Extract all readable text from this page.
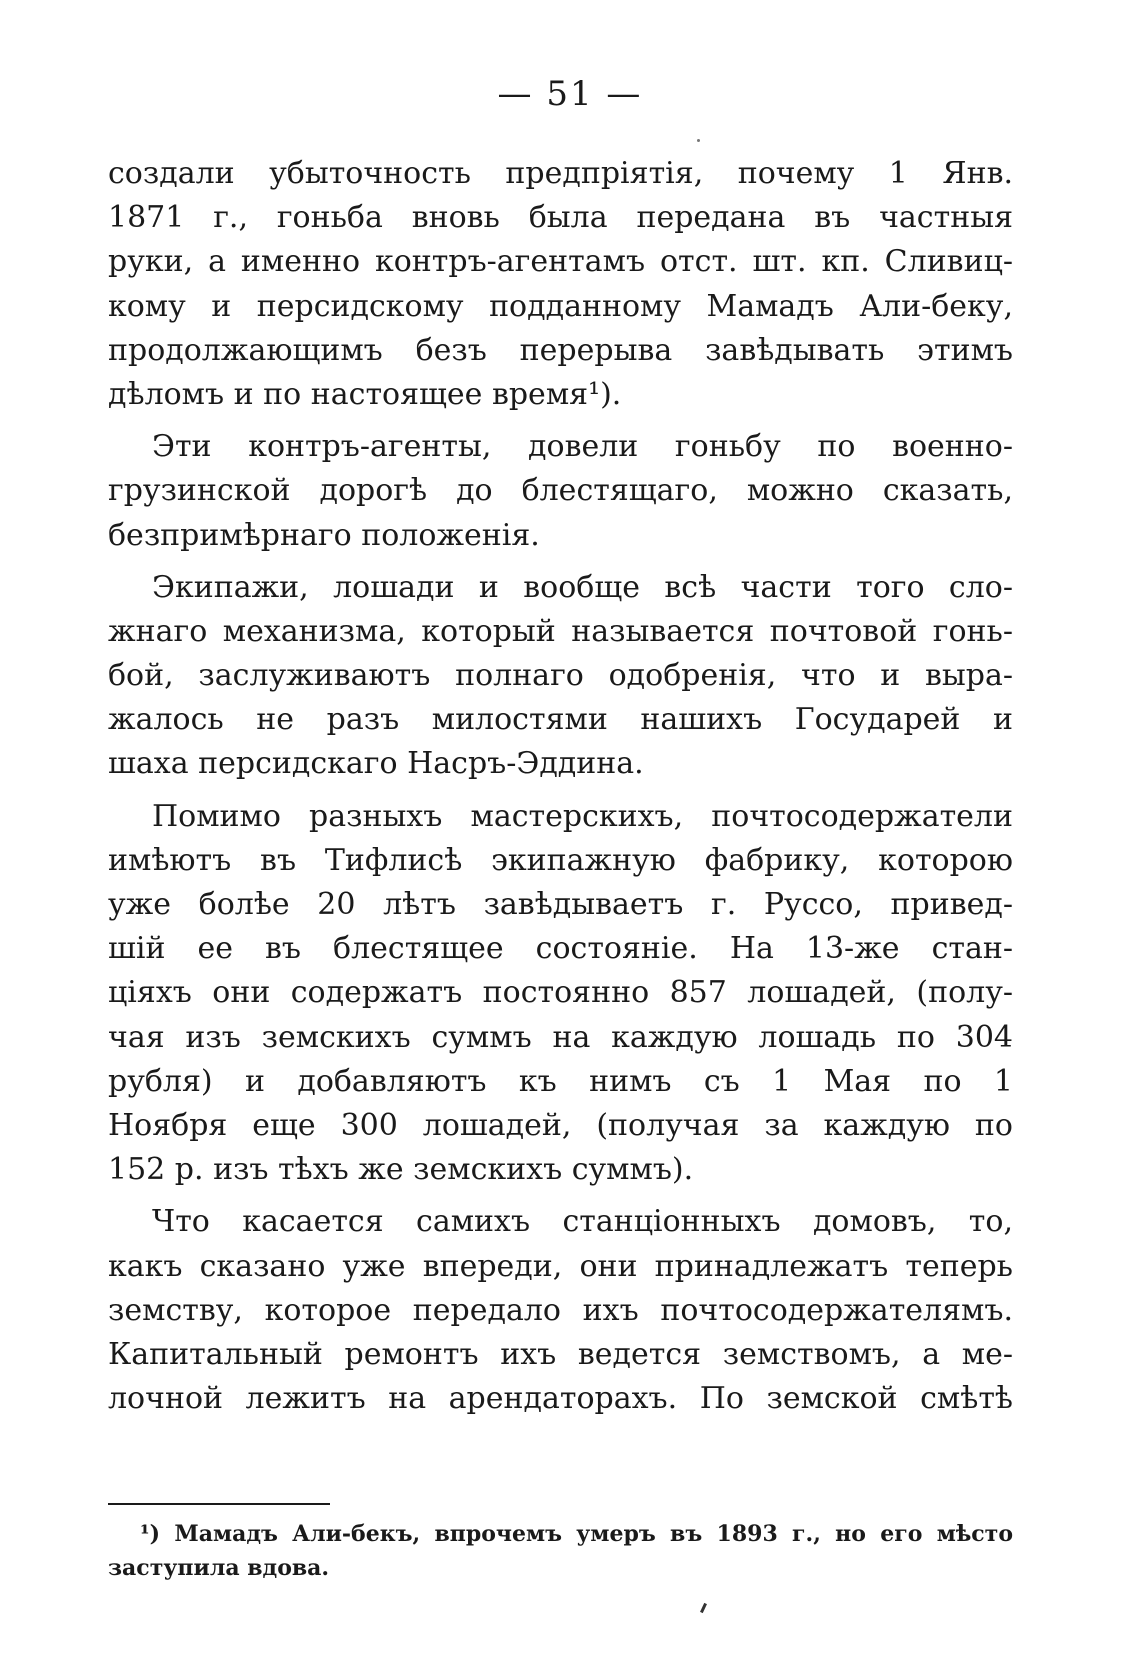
— 51 —
создали убыточность предпріятія, почему 1 Янв.
1871 г., гоньба вновь была передана въ частныя
руки, а именно контръ-агентамъ отст. шт. кп. Сливиц-
кому и персидскому подданному Мамадъ Али-беку,
продолжающимъ безъ перерыва завѣдывать этимъ
дѣломъ и по настоящее время¹).
Эти контръ-агенты, довели гоньбу по военно-
грузинской дорогѣ до блестящаго, можно сказать,
безпримѣрнаго положенія.
Экипажи, лошади и вообще всѣ части того сло-
жнаго механизма, который называется почтовой гонь-
бой, заслуживаютъ полнаго одобренія, что и выра-
жалось не разъ милостями нашихъ Государей и
шаха персидскаго Насръ-Эддина.
Помимо разныхъ мастерскихъ, почтосодержатели
имѣютъ въ Тифлисѣ экипажную фабрику, которою
уже болѣе 20 лѣтъ завѣдываетъ г. Руссо, привед-
шій ее въ блестящее состояніе. На 13-же стан-
ціяхъ они содержатъ постоянно 857 лошадей, (полу-
чая изъ земскихъ суммъ на каждую лошадь по 304
рубля) и добавляютъ къ нимъ съ 1 Мая по 1
Ноября еще 300 лошадей, (получая за каждую по
152 р. изъ тѣхъ же земскихъ суммъ).
Что касается самихъ станціонныхъ домовъ, то,
какъ сказано уже впереди, они принадлежатъ теперь
земству, которое передало ихъ почтосодержателямъ.
Капитальный ремонтъ ихъ ведется земствомъ, а ме-
лочной лежитъ на арендаторахъ. По земской смѣтѣ
¹) Мамадъ Али-бекъ, впрочемъ умеръ въ 1893 г., но его мѣсто
заступила вдова.
